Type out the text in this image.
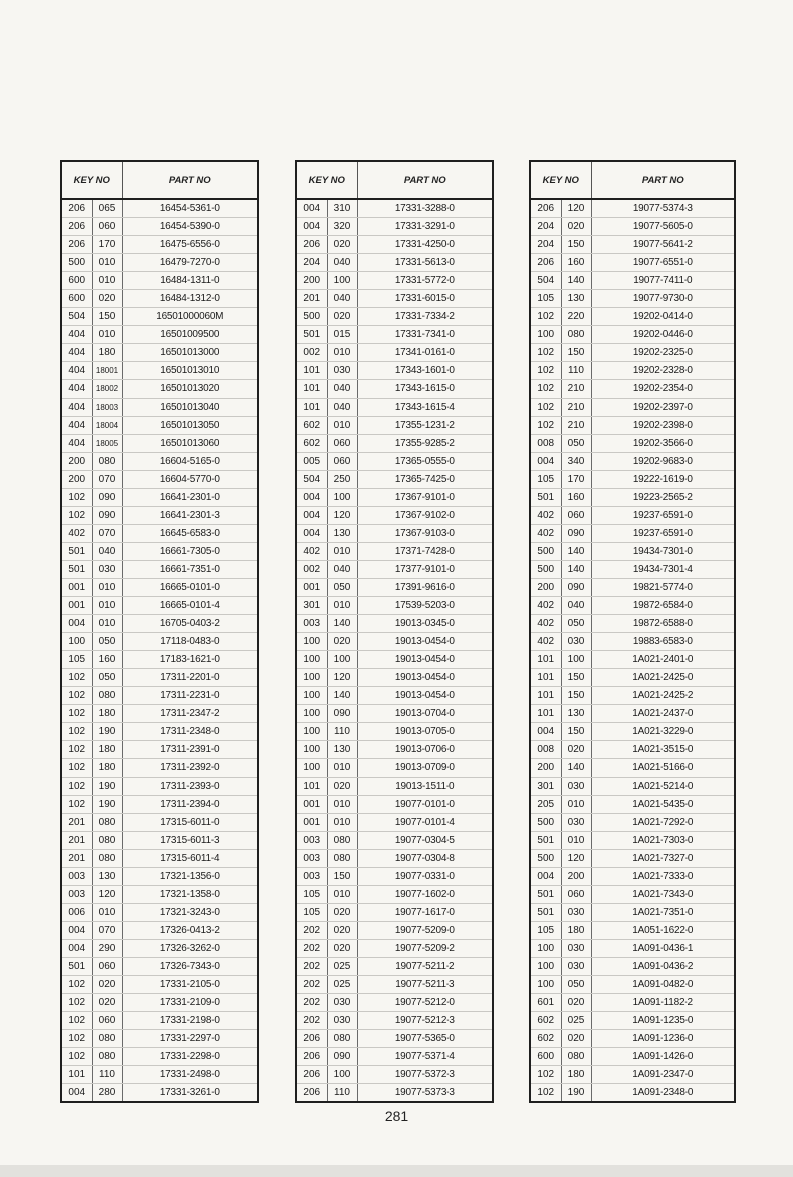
KEY NO		PART NO
206	065	16454-5361-0
206	060	16454-5390-0
206	170	16475-6556-0
500	010	16479-7270-0
600	010	16484-1311-0
600	020	16484-1312-0
504	150	16501000060M
404	010	16501009500
404	180	16501013000
404	18001	16501013010
404	18002	16501013020
404	18003	16501013040
404	18004	16501013050
404	18005	16501013060
200	080	16604-5165-0
200	070	16604-5770-0
102	090	16641-2301-0
102	090	16641-2301-3
402	070	16645-6583-0
501	040	16661-7305-0
501	030	16661-7351-0
001	010	16665-0101-0
001	010	16665-0101-4
004	010	16705-0403-2
100	050	17118-0483-0
105	160	17183-1621-0
102	050	17311-2201-0
102	080	17311-2231-0
102	180	17311-2347-2
102	190	17311-2348-0
102	180	17311-2391-0
102	180	17311-2392-0
102	190	17311-2393-0
102	190	17311-2394-0
201	080	17315-6011-0
201	080	17315-6011-3
201	080	17315-6011-4
003	130	17321-1356-0
003	120	17321-1358-0
006	010	17321-3243-0
004	070	17326-0413-2
004	290	17326-3262-0
501	060	17326-7343-0
102	020	17331-2105-0
102	020	17331-2109-0
102	060	17331-2198-0
102	080	17331-2297-0
102	080	17331-2298-0
101	110	17331-2498-0
004	280	17331-3261-0
KEY NO		PART NO
004	310	17331-3288-0
004	320	17331-3291-0
206	020	17331-4250-0
204	040	17331-5613-0
200	100	17331-5772-0
201	040	17331-6015-0
500	020	17331-7334-2
501	015	17331-7341-0
002	010	17341-0161-0
101	030	17343-1601-0
101	040	17343-1615-0
101	040	17343-1615-4
602	010	17355-1231-2
602	060	17355-9285-2
005	060	17365-0555-0
504	250	17365-7425-0
004	100	17367-9101-0
004	120	17367-9102-0
004	130	17367-9103-0
402	010	17371-7428-0
002	040	17377-9101-0
001	050	17391-9616-0
301	010	17539-5203-0
003	140	19013-0345-0
100	020	19013-0454-0
100	100	19013-0454-0
100	120	19013-0454-0
100	140	19013-0454-0
100	090	19013-0704-0
100	110	19013-0705-0
100	130	19013-0706-0
100	010	19013-0709-0
101	020	19013-1511-0
001	010	19077-0101-0
001	010	19077-0101-4
003	080	19077-0304-5
003	080	19077-0304-8
003	150	19077-0331-0
105	010	19077-1602-0
105	020	19077-1617-0
202	020	19077-5209-0
202	020	19077-5209-2
202	025	19077-5211-2
202	025	19077-5211-3
202	030	19077-5212-0
202	030	19077-5212-3
206	080	19077-5365-0
206	090	19077-5371-4
206	100	19077-5372-3
206	110	19077-5373-3
KEY NO		PART NO
206	120	19077-5374-3
204	020	19077-5605-0
204	150	19077-5641-2
206	160	19077-6551-0
504	140	19077-7411-0
105	130	19077-9730-0
102	220	19202-0414-0
100	080	19202-0446-0
102	150	19202-2325-0
102	110	19202-2328-0
102	210	19202-2354-0
102	210	19202-2397-0
102	210	19202-2398-0
008	050	19202-3566-0
004	340	19202-9683-0
105	170	19222-1619-0
501	160	19223-2565-2
402	060	19237-6591-0
402	090	19237-6591-0
500	140	19434-7301-0
500	140	19434-7301-4
200	090	19821-5774-0
402	040	19872-6584-0
402	050	19872-6588-0
402	030	19883-6583-0
101	100	1A021-2401-0
101	150	1A021-2425-0
101	150	1A021-2425-2
101	130	1A021-2437-0
004	150	1A021-3229-0
008	020	1A021-3515-0
200	140	1A021-5166-0
301	030	1A021-5214-0
205	010	1A021-5435-0
500	030	1A021-7292-0
501	010	1A021-7303-0
500	120	1A021-7327-0
004	200	1A021-7333-0
501	060	1A021-7343-0
501	030	1A021-7351-0
105	180	1A051-1622-0
100	030	1A091-0436-1
100	030	1A091-0436-2
100	050	1A091-0482-0
601	020	1A091-1182-2
602	025	1A091-1235-0
602	020	1A091-1236-0
600	080	1A091-1426-0
102	180	1A091-2347-0
102	190	1A091-2348-0
281
